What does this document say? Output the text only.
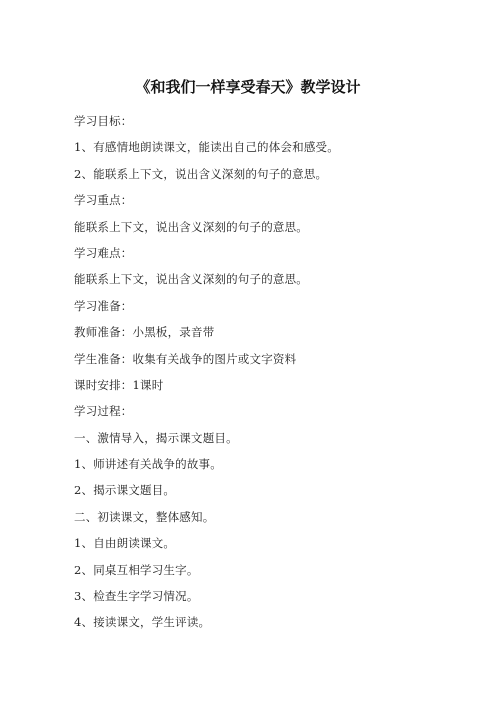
《和我们一样享受春天》教学设计
学习目标：
1、有感情地朗读课文，能读出自己的体会和感受。
2、能联系上下文，说出含义深刻的句子的意思。
学习重点：
能联系上下文，说出含义深刻的句子的意思。
学习难点：
能联系上下文，说出含义深刻的句子的意思。
学习准备：
教师准备：小黑板，录音带
学生准备：收集有关战争的图片或文字资料
课时安排：1课时
学习过程：
一、激情导入，揭示课文题目。
1、师讲述有关战争的故事。
2、揭示课文题目。
二、初读课文，整体感知。
1、自由朗读课文。
2、同桌互相学习生字。
3、检查生字学习情况。
4、接读课文，学生评读。
